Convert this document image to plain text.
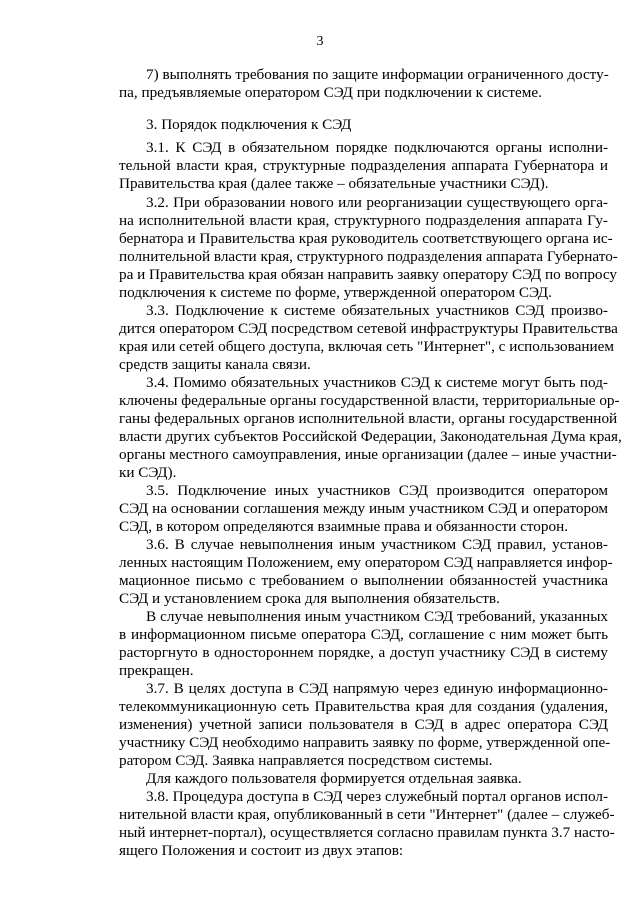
3
7) выполнять требования по защите информации ограниченного досту-
па, предъявляемые оператором СЭД при подключении к системе.
3. Порядок подключения к СЭД
3.1. К СЭД в обязательном порядке подключаются органы исполни-
тельной власти края, структурные подразделения аппарата Губернатора и
Правительства края (далее также – обязательные участники СЭД).
3.2. При образовании нового или реорганизации существующего орга-
на исполнительной власти края, структурного подразделения аппарата Гу-
бернатора и Правительства края руководитель соответствующего органа ис-
полнительной власти края, структурного подразделения аппарата Губернато-
ра и Правительства края обязан направить заявку оператору СЭД по вопросу
подключения к системе по форме, утвержденной оператором СЭД.
3.3. Подключение к системе обязательных участников СЭД произво-
дится оператором СЭД посредством сетевой инфраструктуры Правительства
края или сетей общего доступа, включая сеть "Интернет", с использованием
средств защиты канала связи.
3.4. Помимо обязательных участников СЭД к системе могут быть под-
ключены федеральные органы государственной власти, территориальные ор-
ганы федеральных органов исполнительной власти, органы государственной
власти других субъектов Российской Федерации, Законодательная Дума края,
органы местного самоуправления, иные организации (далее – иные участни-
ки СЭД).
3.5. Подключение иных участников СЭД производится оператором
СЭД на основании соглашения между иным участником СЭД и оператором
СЭД, в котором определяются взаимные права и обязанности сторон.
3.6. В случае невыполнения иным участником СЭД правил, установ-
ленных настоящим Положением, ему оператором СЭД направляется инфор-
мационное письмо с требованием о выполнении обязанностей участника
СЭД и установлением срока для выполнения обязательств.
В случае невыполнения иным участником СЭД требований, указанных
в информационном письме оператора СЭД, соглашение с ним может быть
расторгнуто в одностороннем порядке, а доступ участнику СЭД в систему
прекращен.
3.7. В целях доступа в СЭД напрямую через единую информационно-
телекоммуникационную сеть Правительства края для создания (удаления,
изменения) учетной записи пользователя в СЭД в адрес оператора СЭД
участнику СЭД необходимо направить заявку по форме, утвержденной опе-
ратором СЭД. Заявка направляется посредством системы.
Для каждого пользователя формируется отдельная заявка.
3.8. Процедура доступа в СЭД через служебный портал органов испол-
нительной власти края, опубликованный в сети "Интернет" (далее – служеб-
ный интернет-портал), осуществляется согласно правилам пункта 3.7 насто-
ящего Положения и состоит из двух этапов:
